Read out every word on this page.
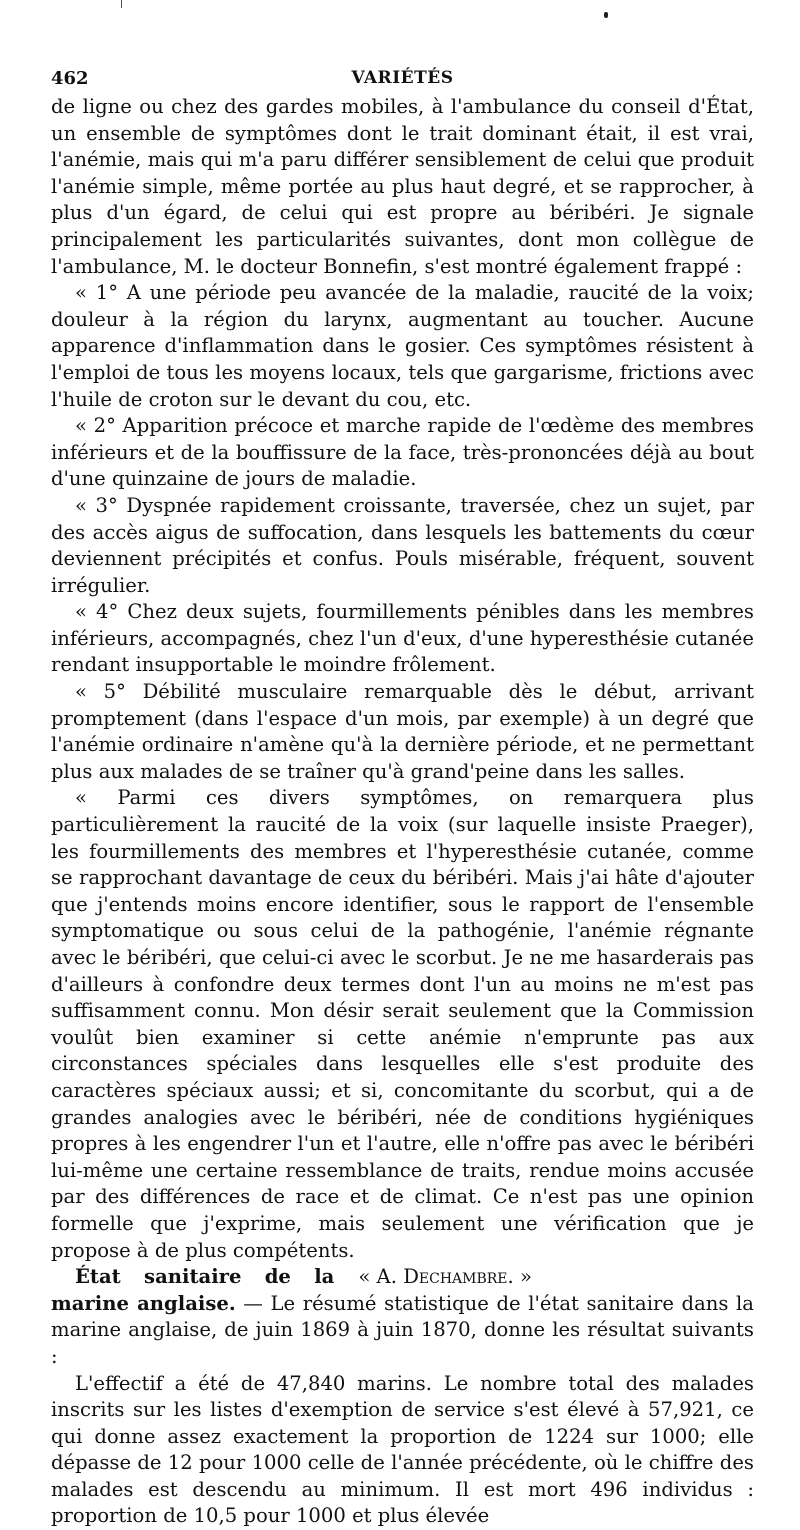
462	VARIÉTÉS

de ligne ou chez des gardes mobiles, à l'ambulance du conseil d'État, un ensemble de symptômes dont le trait dominant était, il est vrai, l'anémie, mais qui m'a paru différer sensiblement de celui que produit l'anémie simple, même portée au plus haut degré, et se rapprocher, à plus d'un égard, de celui qui est propre au béribéri. Je signale principalement les particularités suivantes, dont mon collègue de l'ambulance, M. le docteur Bonnefin, s'est montré également frappé :

« 1° A une période peu avancée de la maladie, raucité de la voix; douleur à la région du larynx, augmentant au toucher. Aucune apparence d'inflammation dans le gosier. Ces symptômes résistent à l'emploi de tous les moyens locaux, tels que gargarisme, frictions avec l'huile de croton sur le devant du cou, etc.

« 2° Apparition précoce et marche rapide de l'œdème des membres inférieurs et de la bouffissure de la face, très-prononcées déjà au bout d'une quinzaine de jours de maladie.

« 3° Dyspnée rapidement croissante, traversée, chez un sujet, par des accès aigus de suffocation, dans lesquels les battements du cœur deviennent précipités et confus. Pouls misérable, fréquent, souvent irrégulier.

« 4° Chez deux sujets, fourmillements pénibles dans les membres inférieurs, accompagnés, chez l'un d'eux, d'une hyperesthésie cutanée rendant insupportable le moindre frôlement.

« 5° Débilité musculaire remarquable dès le début, arrivant promptement (dans l'espace d'un mois, par exemple) à un degré que l'anémie ordinaire n'amène qu'à la dernière période, et ne permettant plus aux malades de se traîner qu'à grand'peine dans les salles.

« Parmi ces divers symptômes, on remarquera plus particulièrement la raucité de la voix (sur laquelle insiste Praeger), les fourmillements des membres et l'hyperesthésie cutanée, comme se rapprochant davantage de ceux du béribéri. Mais j'ai hâte d'ajouter que j'entends moins encore identifier, sous le rapport de l'ensemble symptomatique ou sous celui de la pathogénie, l'anémie régnante avec le béribéri, que celui-ci avec le scorbut. Je ne me hasarderais pas d'ailleurs à confondre deux termes dont l'un au moins ne m'est pas suffisamment connu. Mon désir serait seulement que la Commission voulût bien examiner si cette anémie n'emprunte pas aux circonstances spéciales dans lesquelles elle s'est produite des caractères spéciaux aussi; et si, concomitante du scorbut, qui a de grandes analogies avec le béribéri, née de conditions hygiéniques propres à les engendrer l'un et l'autre, elle n'offre pas avec le béribéri lui-même une certaine ressemblance de traits, rendue moins accusée par des différences de race et de climat. Ce n'est pas une opinion formelle que j'exprime, mais seulement une vérification que je propose à de plus compétents.
« A. Dechambre. »

État sanitaire de la marine anglaise. — Le résumé statistique de l'état sanitaire dans la marine anglaise, de juin 1869 à juin 1870, donne les résultat suivants :

L'effectif a été de 47,840 marins. Le nombre total des malades inscrits sur les listes d'exemption de service s'est élevé à 57,921, ce qui donne assez exactement la proportion de 1224 sur 1000; elle dépasse de 12 pour 1000 celle de l'année précédente, où le chiffre des malades est descendu au minimum. Il est mort 496 individus : proportion de 10,5 pour 1000 et plus élevée
